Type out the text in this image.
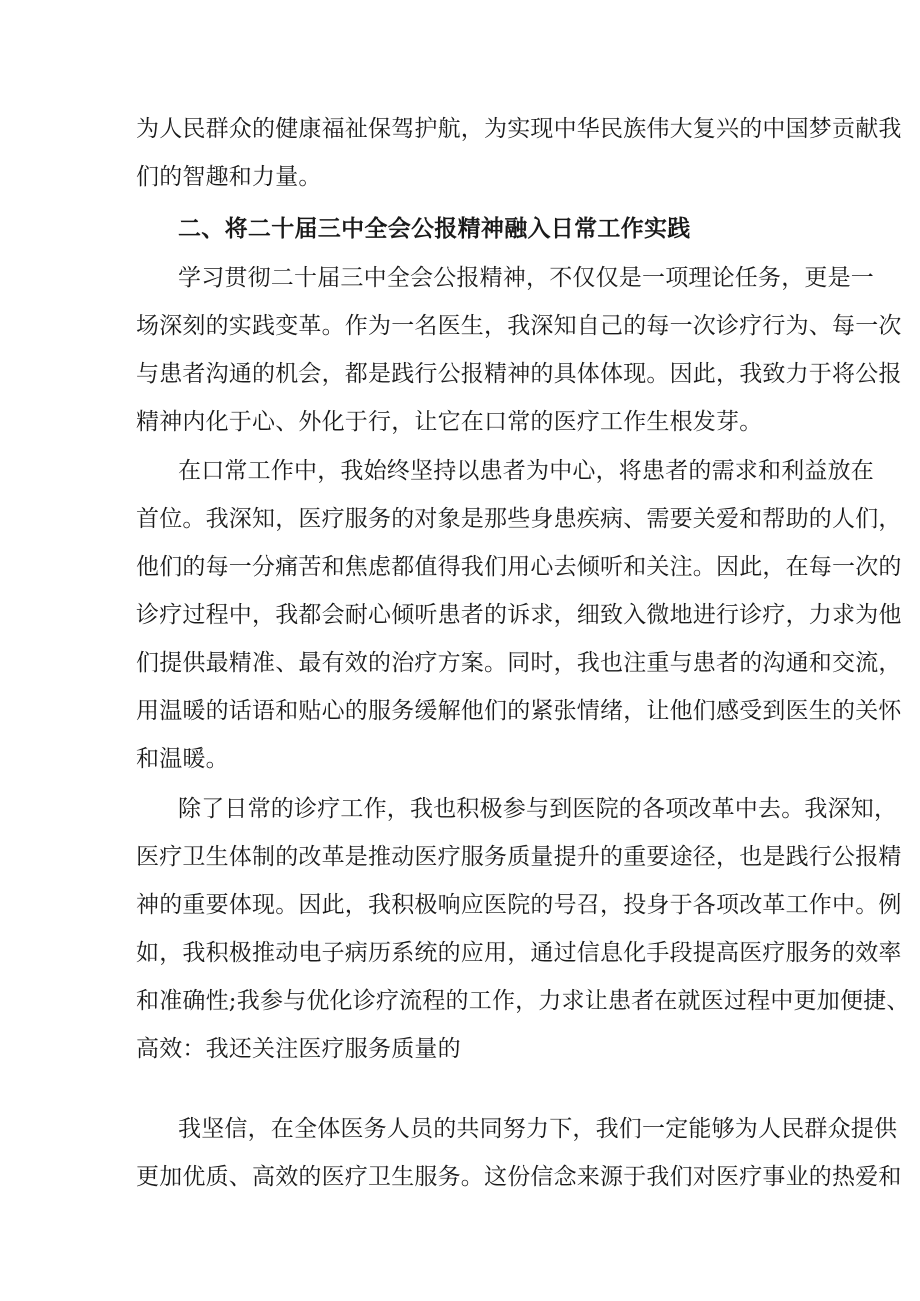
为人民群众的健康福祉保驾护航，为实现中华民族伟大复兴的中国梦贡献我
们的智趣和力量。
二、将二十届三中全会公报精神融入日常工作实践
学习贯彻二十届三中全会公报精神，不仅仅是一项理论任务，更是一
场深刻的实践变革。作为一名医生，我深知自己的每一次诊疗行为、每一次
与患者沟通的机会，都是践行公报精神的具体体现。因此，我致力于将公报
精神内化于心、外化于行，让它在口常的医疗工作生根发芽。
在口常工作中，我始终坚持以患者为中心，将患者的需求和利益放在
首位。我深知，医疗服务的对象是那些身患疾病、需要关爱和帮助的人们，
他们的每一分痛苦和焦虑都值得我们用心去倾听和关注。因此，在每一次的
诊疗过程中，我都会耐心倾听患者的诉求，细致入微地进行诊疗，力求为他
们提供最精准、最有效的治疗方案。同时，我也注重与患者的沟通和交流，
用温暖的话语和贴心的服务缓解他们的紧张情绪，让他们感受到医生的关怀
和温暖。
除了日常的诊疗工作，我也积极参与到医院的各项改革中去。我深知，
医疗卫生体制的改革是推动医疗服务质量提升的重要途径，也是践行公报精
神的重要体现。因此，我积极响应医院的号召，投身于各项改革工作中。例
如，我积极推动电子病历系统的应用，通过信息化手段提高医疗服务的效率
和准确性;我参与优化诊疗流程的工作，力求让患者在就医过程中更加便捷、
高效：我还关注医疗服务质量的
我坚信，在全体医务人员的共同努力下，我们一定能够为人民群众提供
更加优质、高效的医疗卫生服务。这份信念来源于我们对医疗事业的热爱和
